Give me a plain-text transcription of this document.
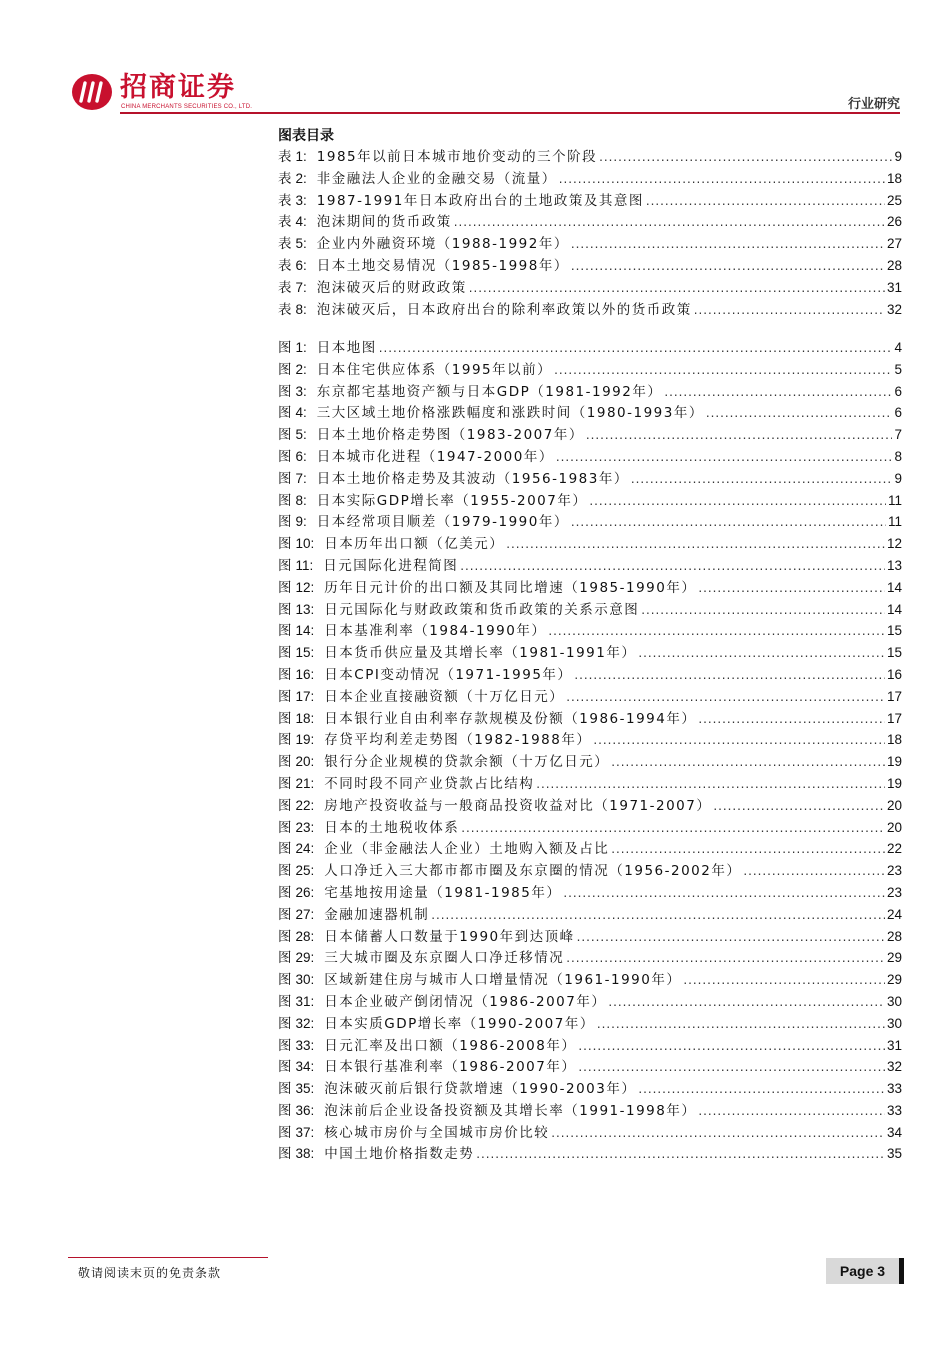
招商证券
CHINA MERCHANTS SECURITIES CO., LTD.	行业研究
图表目录
表 1: 1985年以前日本城市地价变动的三个阶段 .....	9
表 2: 非金融法人企业的金融交易（流量） .....	18
表 3: 1987-1991年日本政府出台的土地政策及其意图 .....	25
表 4: 泡沫期间的货币政策 .....	26
表 5: 企业内外融资环境（1988-1992年） .....	27
表 6: 日本土地交易情况（1985-1998年） .....	28
表 7: 泡沫破灭后的财政政策 .....	31
表 8: 泡沫破灭后，日本政府出台的除利率政策以外的货币政策 .....	32
图 1: 日本地图 .....	4
图 2: 日本住宅供应体系（1995年以前） .....	5
图 3: 东京都宅基地资产额与日本GDP（1981-1992年） .....	6
图 4: 三大区域土地价格涨跌幅度和涨跌时间（1980-1993年） .....	6
图 5: 日本土地价格走势图（1983-2007年） .....	7
图 6: 日本城市化进程（1947-2000年） .....	8
图 7: 日本土地价格走势及其波动（1956-1983年） .....	9
图 8: 日本实际GDP增长率（1955-2007年） .....	11
图 9: 日本经常项目顺差（1979-1990年） .....	11
图 10: 日本历年出口额（亿美元） .....	12
图 11: 日元国际化进程简图 .....	13
图 12: 历年日元计价的出口额及其同比增速（1985-1990年） .....	14
图 13: 日元国际化与财政政策和货币政策的关系示意图 .....	14
图 14: 日本基准利率（1984-1990年） .....	15
图 15: 日本货币供应量及其增长率（1981-1991年） .....	15
图 16: 日本CPI变动情况（1971-1995年） .....	16
图 17: 日本企业直接融资额（十万亿日元） .....	17
图 18: 日本银行业自由利率存款规模及份额（1986-1994年） .....	17
图 19: 存贷平均利差走势图（1982-1988年） .....	18
图 20: 银行分企业规模的贷款余额（十万亿日元） .....	19
图 21: 不同时段不同产业贷款占比结构 .....	19
图 22: 房地产投资收益与一般商品投资收益对比（1971-2007） .....	20
图 23: 日本的土地税收体系 .....	20
图 24: 企业（非金融法人企业）土地购入额及占比 .....	22
图 25: 人口净迁入三大都市都市圈及东京圈的情况（1956-2002年） .....	23
图 26: 宅基地按用途量（1981-1985年） .....	23
图 27: 金融加速器机制 .....	24
图 28: 日本储蓄人口数量于1990年到达顶峰 .....	28
图 29: 三大城市圈及东京圈人口净迁移情况 .....	29
图 30: 区域新建住房与城市人口增量情况（1961-1990年） .....	29
图 31: 日本企业破产倒闭情况（1986-2007年） .....	30
图 32: 日本实质GDP增长率（1990-2007年） .....	30
图 33: 日元汇率及出口额（1986-2008年） .....	31
图 34: 日本银行基准利率（1986-2007年） .....	32
图 35: 泡沫破灭前后银行贷款增速（1990-2003年） .....	33
图 36: 泡沫前后企业设备投资额及其增长率（1991-1998年） .....	33
图 37: 核心城市房价与全国城市房价比较 .....	34
图 38: 中国土地价格指数走势 .....	35
敬请阅读末页的免责条款	Page 3
